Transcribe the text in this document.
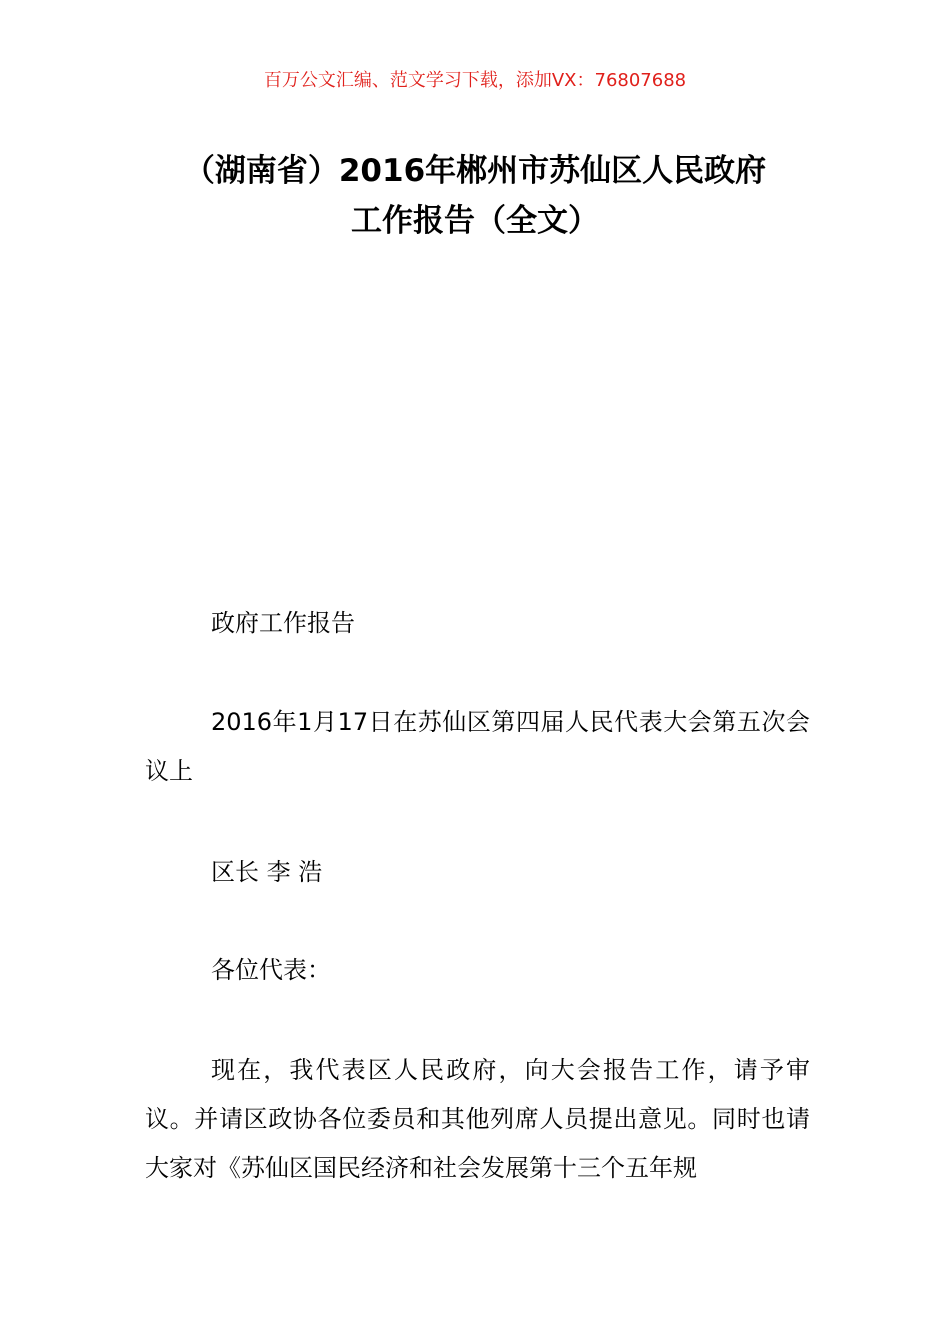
百万公文汇编、范文学习下载，添加VX：76807688
（湖南省）2016年郴州市苏仙区人民政府
工作报告（全文）

政府工作报告

2016年1月17日在苏仙区第四届人民代表大会第五次会议上

区长 李 浩

各位代表：

现在，我代表区人民政府，向大会报告工作，请予审议。并请区政协各位委员和其他列席人员提出意见。同时也请大家对《苏仙区国民经济和社会发展第十三个五年规
